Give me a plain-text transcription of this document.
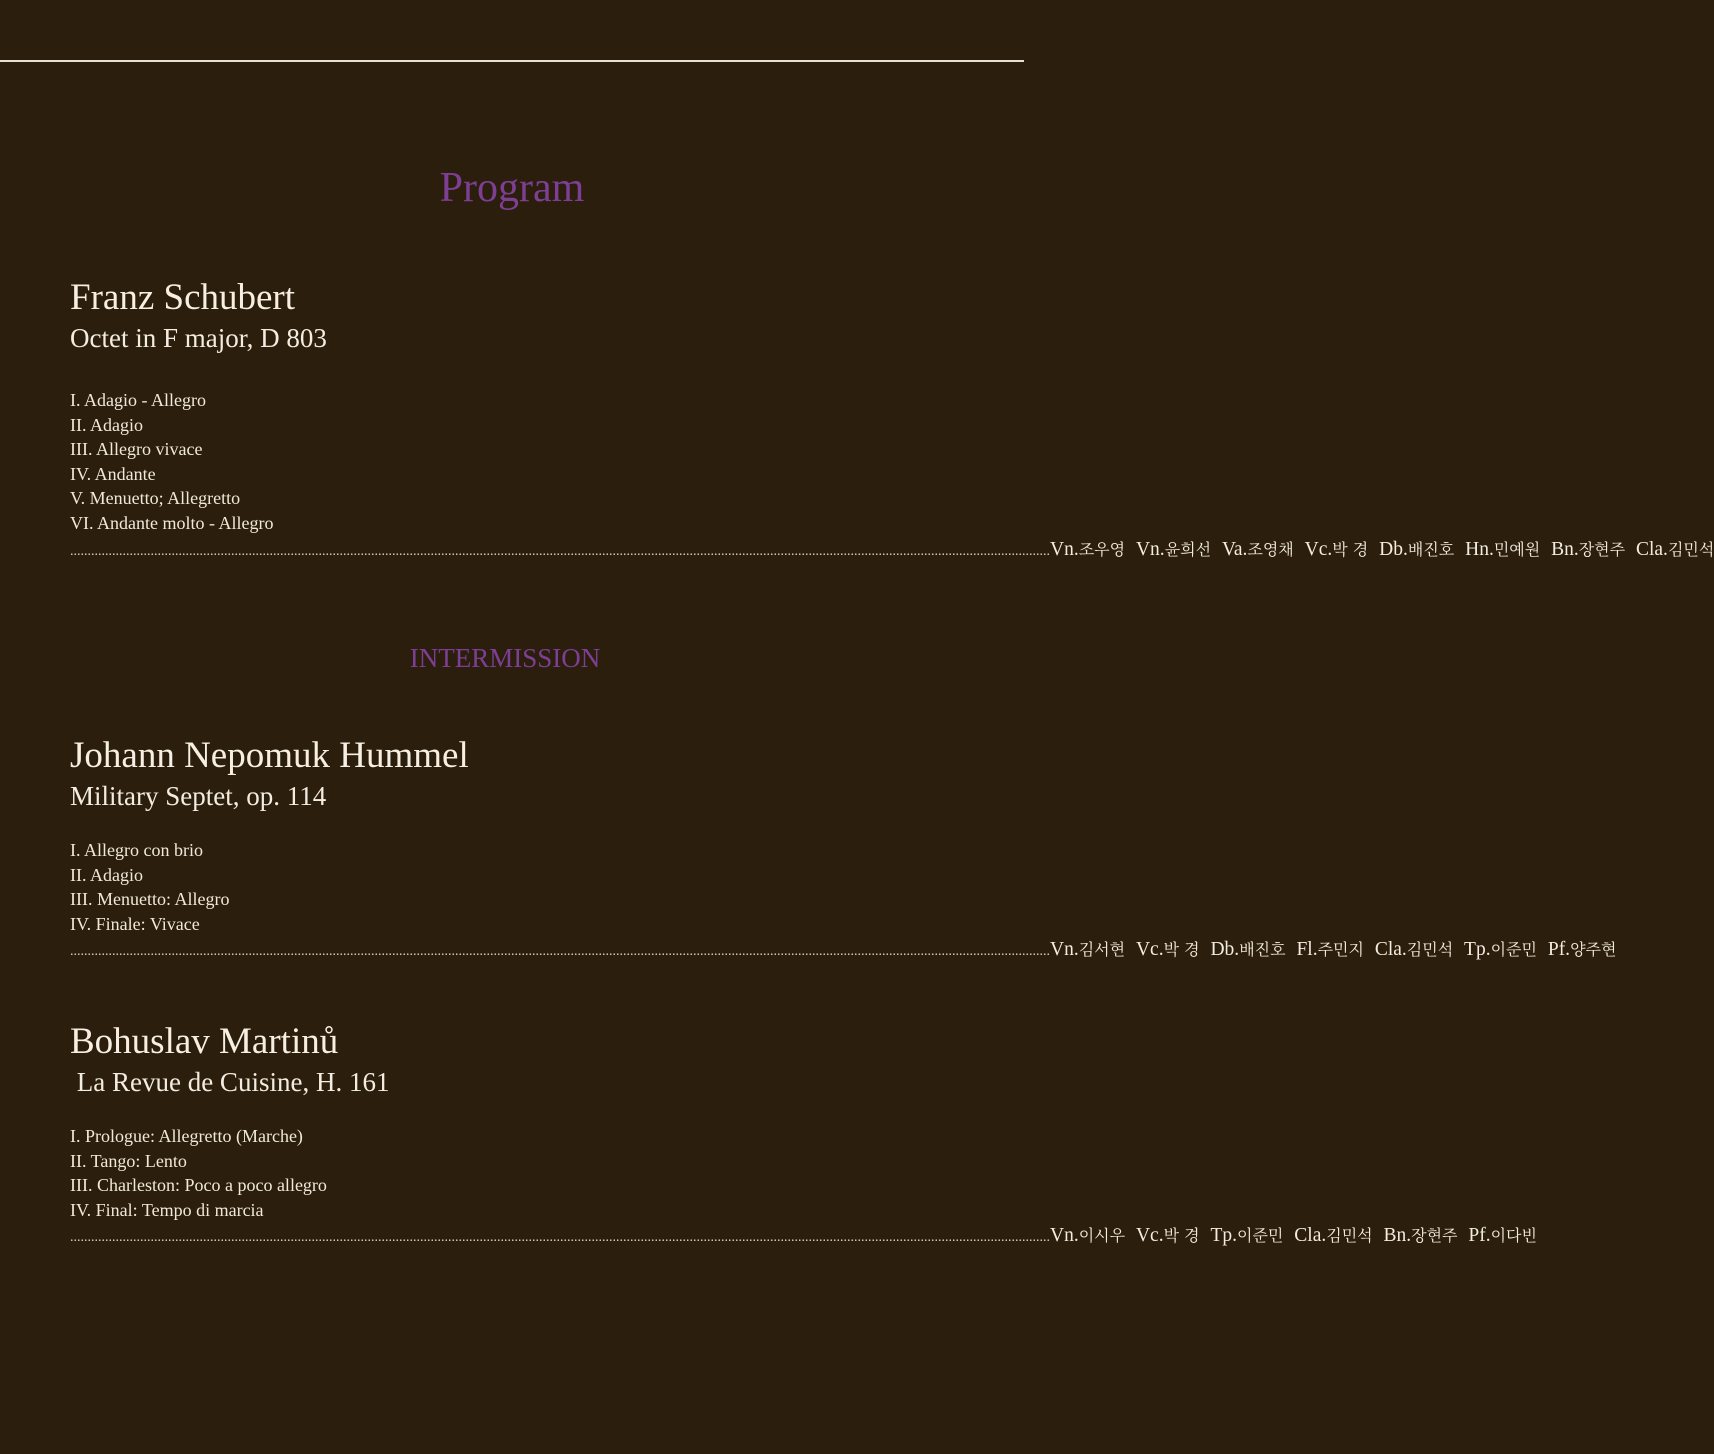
Program
Franz Schubert
Octet in F major, D 803
I. Adagio - Allegro
II. Adagio
III. Allegro vivace
IV. Andante
V. Menuetto; Allegretto
VI. Andante molto - Allegro
........................................................................................................................................................................................................................................................................................ Vn.조우영 Vn.윤희선 Va.조영채 Vc.박 경 Db.배진호 Hn.민예원 Bn.장현주 Cla.김민석
INTERMISSION
Johann Nepomuk Hummel
Military Septet, op. 114
I. Allegro con brio
II. Adagio
III. Menuetto: Allegro
IV. Finale: Vivace
........................................................................................................................................................................................................................................................................................ Vn.김서현 Vc.박 경 Db.배진호 Fl.주민지 Cla.김민석 Tp.이준민 Pf.양주현
Bohuslav Martinů
La Revue de Cuisine, H. 161
I. Prologue: Allegretto (Marche)
II. Tango: Lento
III. Charleston: Poco a poco allegro
IV. Final: Tempo di marcia
........................................................................................................................................................................................................................................................................................ Vn.이시우 Vc.박 경 Tp.이준민 Cla.김민석 Bn.장현주 Pf.이다빈
